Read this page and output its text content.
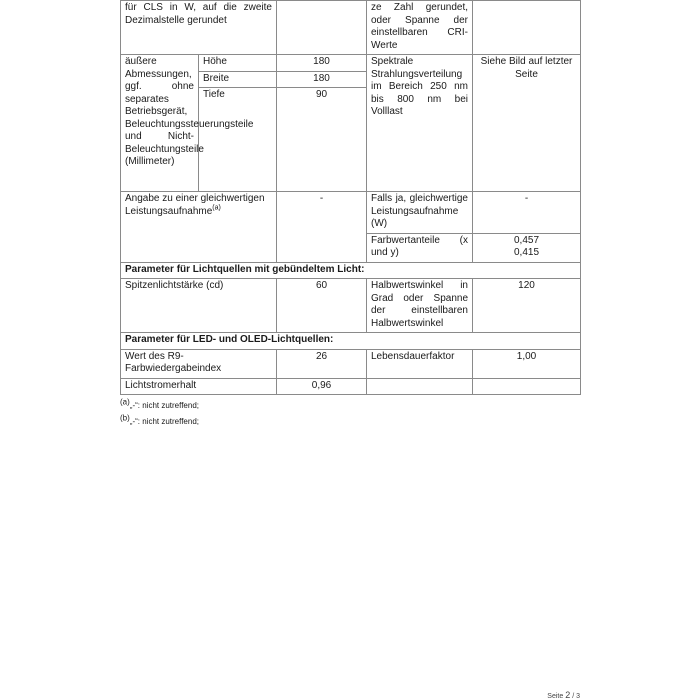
für CLS in W, auf die zweite Dezimalstelle gerundet			ze Zahl gerundet, oder Spanne der einstellbaren CRI-Werte	
äußere Abmessungen, ggf. ohne separates Betriebsgerät, Beleuchtungssteuerungsteile und Nicht-Beleuchtungsteile (Millimeter)	Höhe	180	Spektrale Strahlungsverteilung im Bereich 250 nm bis 800 nm bei Volllast	Siehe Bild auf letzter Seite
	Breite	180		
	Tiefe	90		
Angabe zu einer gleichwertigen Leistungsaufnahme$^{(a)}$		-	Falls ja, gleichwertige Leistungsaufnahme (W)	-
			Farbwertanteile (x und y)	0,457
0,415

Parameter für Lichtquellen mit gebündeltem Licht:				
Spitzenlichtstärke (cd)		60	Halbwertswinkel in Grad oder Spanne der einstellbaren Halbwertswinkel	120
Parameter für LED- und OLED-Lichtquellen:				
Wert des R9-Farbwiedergabeindex		26	Lebensdauerfaktor	1,00
Lichtstromerhalt		0,96		
(a)„-“: nicht zutreffend;
(b)„-“: nicht zutreffend;
Seite 2 / 3
